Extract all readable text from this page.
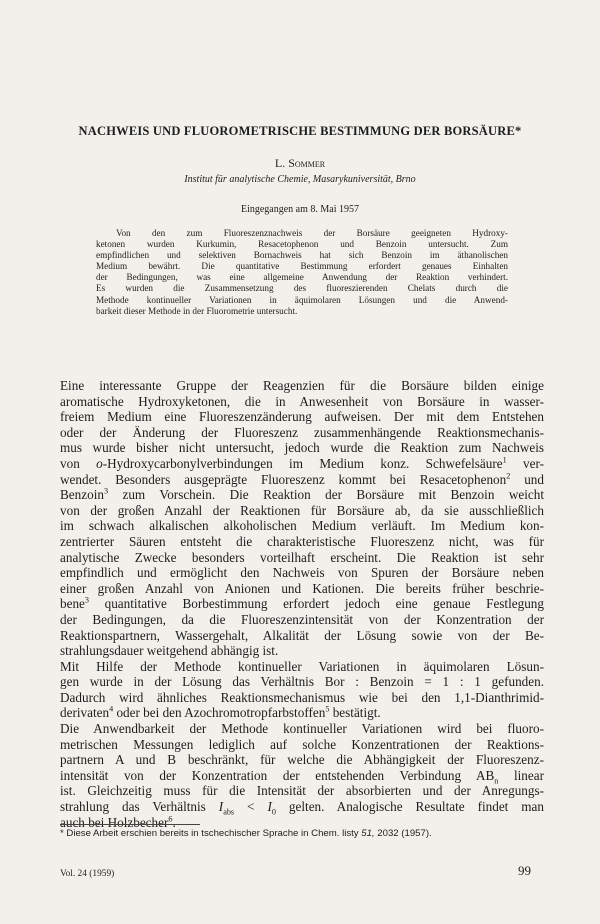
NACHWEIS UND FLUOROMETRISCHE BESTIMMUNG DER BORSÄURE*
L. Sommer
Institut für analytische Chemie, Masarykuniversität, Brno
Eingegangen am 8. Mai 1957
Von den zum Fluoreszenznachweis der Borsäure geeigneten Hydroxy-
ketonen wurden Kurkumin, Resacetophenon und Benzoin untersucht. Zum
empfindlichen und selektiven Bornachweis hat sich Benzoin im äthanolischen
Medium bewährt. Die quantitative Bestimmung erfordert genaues Einhalten
der Bedingungen, was eine allgemeine Anwendung der Reaktion verhindert.
Es wurden die Zusammensetzung des fluoreszierenden Chelats durch die
Methode kontinueller Variationen in äquimolaren Lösungen und die Anwend-
barkeit dieser Methode in der Fluorometrie untersucht.
Eine interessante Gruppe der Reagenzien für die Borsäure bilden einige
aromatische Hydroxyketonen, die in Anwesenheit von Borsäure in wasser-
freiem Medium eine Fluoreszenzänderung aufweisen. Der mit dem Entstehen
oder der Änderung der Fluoreszenz zusammenhängende Reaktionsmechanis-
mus wurde bisher nicht untersucht, jedoch wurde die Reaktion zum Nachweis
von o-Hydroxycarbonylverbindungen im Medium konz. Schwefelsäure$^1$ ver-
wendet. Besonders ausgeprägte Fluoreszenz kommt bei Resacetophenon$^2$ und
Benzoin$^3$ zum Vorschein. Die Reaktion der Borsäure mit Benzoin weicht
von der großen Anzahl der Reaktionen für Borsäure ab, da sie ausschließlich
im schwach alkalischen alkoholischen Medium verläuft. Im Medium kon-
zentrierter Säuren entsteht die charakteristische Fluoreszenz nicht, was für
analytische Zwecke besonders vorteilhaft erscheint. Die Reaktion ist sehr
empfindlich und ermöglicht den Nachweis von Spuren der Borsäure neben
einer großen Anzahl von Anionen und Kationen. Die bereits früher beschrie-
bene$^3$ quantitative Borbestimmung erfordert jedoch eine genaue Festlegung
der Bedingungen, da die Fluoreszenzintensität von der Konzentration der
Reaktionspartnern, Wassergehalt, Alkalität der Lösung sowie von der Be-
strahlungsdauer weitgehend abhängig ist.
Mit Hilfe der Methode kontinueller Variationen in äquimolaren Lösun-
gen wurde in der Lösung das Verhältnis Bor : Benzoin = 1 : 1 gefunden.
Dadurch wird ähnliches Reaktionsmechanismus wie bei den 1,1-Dianthrimid-
derivaten$^4$ oder bei den Azochromotropfarbstoffen$^5$ bestätigt.
Die Anwendbarkeit der Methode kontinueller Variationen wird bei fluoro-
metrischen Messungen lediglich auf solche Konzentrationen der Reaktions-
partnern A und B beschränkt, für welche die Abhängigkeit der Fluoreszenz-
intensität von der Konzentration der entstehenden Verbindung $AB_n$ linear
ist. Gleichzeitig muss für die Intensität der absorbierten und der Anregungs-
strahlung das Verhältnis $I_{abs} < I_0$ gelten. Analogische Resultate findet man
auch bei Holzbecher$^6$.
* Diese Arbeit erschien bereits in tschechischer Sprache in Chem. listy 51, 2032 (1957).
Vol. 24 (1959)	99
